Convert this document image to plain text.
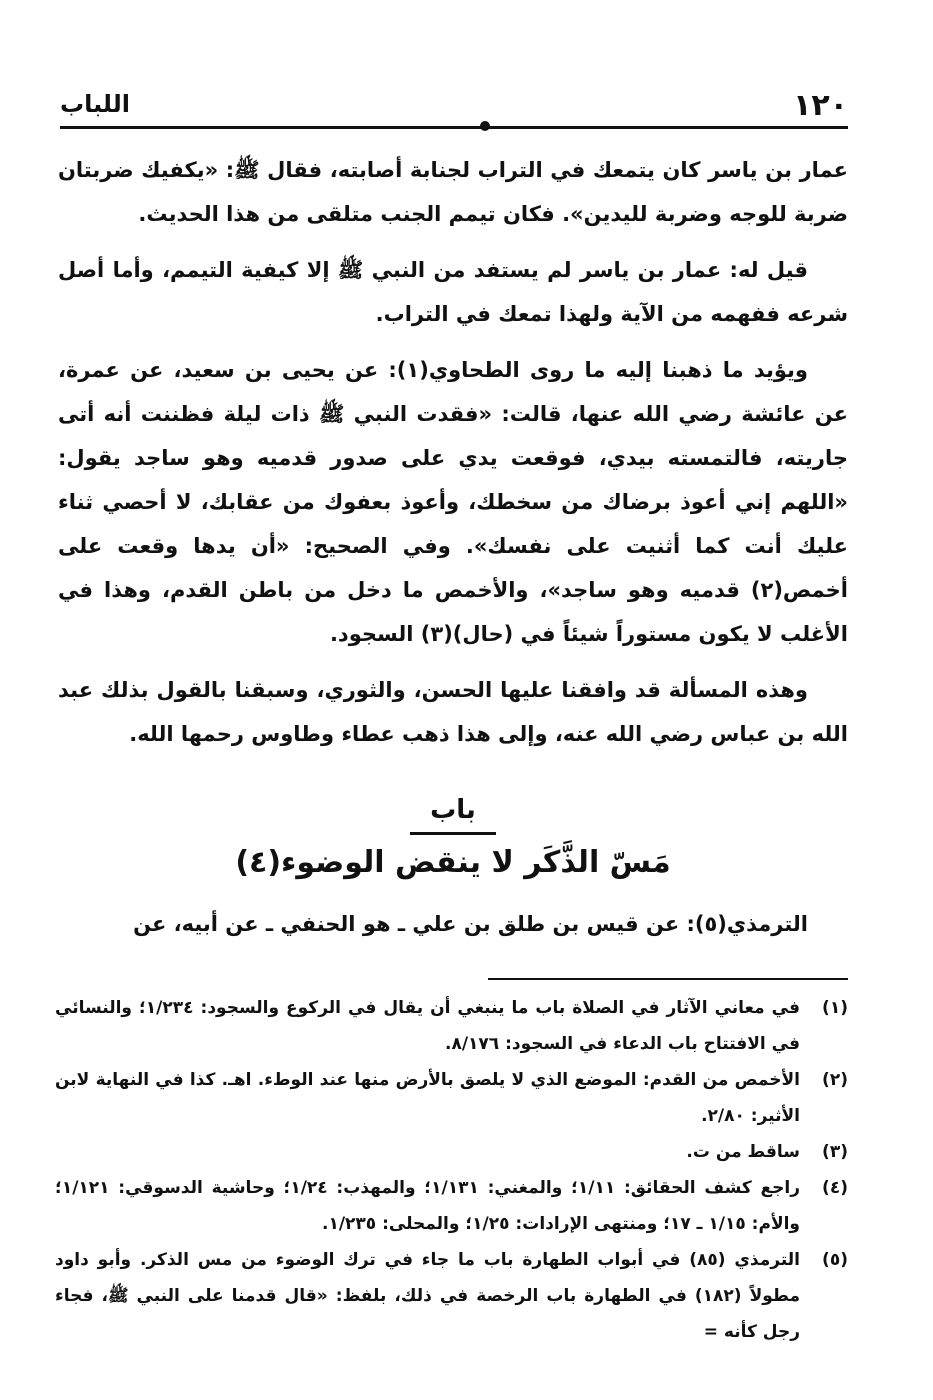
١٢٠
اللباب

عمار بن ياسر كان يتمعك في التراب لجنابة أصابته، فقال ﷺ: «يكفيك ضربتان ضربة للوجه وضربة لليدين». فكان تيمم الجنب متلقى من هذا الحديث.

قيل له: عمار بن ياسر لم يستفد من النبي ﷺ إلا كيفية التيمم، وأما أصل شرعه ففهمه من الآية ولهذا تمعك في التراب.

ويؤيد ما ذهبنا إليه ما روى الطحاوي(١): عن يحيى بن سعيد، عن عمرة، عن عائشة رضي الله عنها، قالت: «فقدت النبي ﷺ ذات ليلة فظننت أنه أتى جاريته، فالتمسته بيدي، فوقعت يدي على صدور قدميه وهو ساجد يقول: «اللهم إني أعوذ برضاك من سخطك، وأعوذ بعفوك من عقابك، لا أحصي ثناء عليك أنت كما أثنيت على نفسك». وفي الصحيح: «أن يدها وقعت على أخمص(٢) قدميه وهو ساجد»، والأخمص ما دخل من باطن القدم، وهذا في الأغلب لا يكون مستوراً شيئاً في (حال)(٣) السجود.

وهذه المسألة قد وافقنا عليها الحسن، والثوري، وسبقنا بالقول بذلك عبد الله بن عباس رضي الله عنه، وإلى هذا ذهب عطاء وطاوس رحمها الله.

باب
مَسّ الذَّكَر لا ينقض الوضوء(٤)
الترمذي(٥): عن قيس بن طلق بن علي ـ هو الحنفي ـ عن أبيه، عن
(١)
في معاني الآثار في الصلاة باب ما ينبغي أن يقال في الركوع والسجود: ١/٢٣٤؛ والنسائي في الافتتاح باب الدعاء في السجود: ٨/١٧٦.
(٢)
الأخمص من القدم: الموضع الذي لا يلصق بالأرض منها عند الوطء. اهـ. كذا في النهاية لابن الأثير: ٢/٨٠.
(٣)
ساقط من ت.
(٤)
راجع كشف الحقائق: ١/١١؛ والمغني: ١/١٣١؛ والمهذب: ١/٢٤؛ وحاشية الدسوقي: ١/١٢١؛ والأم: ١/١٥ ـ ١٧؛ ومنتهى الإرادات: ١/٢٥؛ والمحلى: ١/٢٣٥.
(٥)
الترمذي (٨٥) في أبواب الطهارة باب ما جاء في ترك الوضوء من مس الذكر. وأبو داود مطولاً (١٨٢) في الطهارة باب الرخصة في ذلك، بلفظ: «قال قدمنا على النبي ﷺ، فجاء رجل كأنه =
